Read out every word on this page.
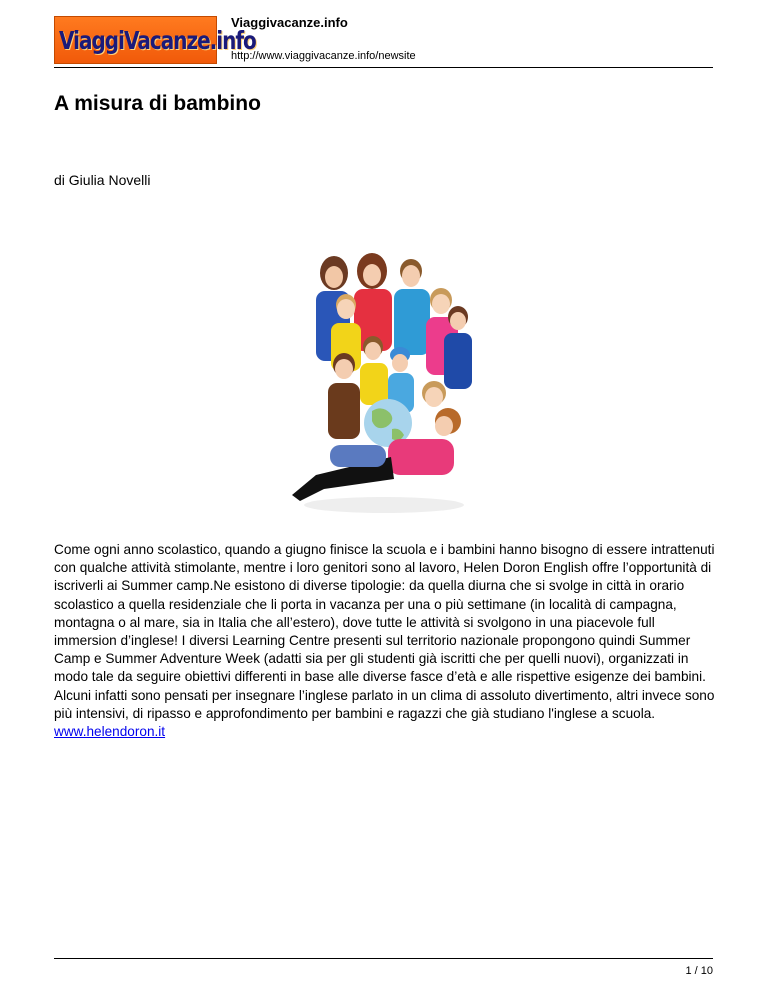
ViaggiVacanze.info
Viaggivacanze.info
http://www.viaggivacanze.info/newsite
A misura di bambino
di Giulia Novelli

Come ogni anno scolastico, quando a giugno finisce la scuola e i bambini hanno bisogno di essere intrattenuti con qualche attività stimolante, mentre i loro genitori sono al lavoro, Helen Doron English offre l’opportunità di iscriverli ai Summer camp.Ne esistono di diverse tipologie: da quella diurna che si svolge in città in orario scolastico a quella residenziale che li porta in vacanza per una o più settimane (in località di campagna, montagna o al mare, sia in Italia che all’estero), dove tutte le attività si svolgono in una piacevole full immersion d’inglese! I diversi Learning Centre presenti sul territorio nazionale propongono quindi Summer Camp e Summer Adventure Week (adatti sia per gli studenti già iscritti che per quelli nuovi), organizzati in modo tale da seguire obiettivi differenti in base alle diverse fasce d’età e alle rispettive esigenze dei bambini. Alcuni infatti sono pensati per insegnare l’inglese parlato in un clima di assoluto divertimento, altri invece sono più intensivi, di ripasso e approfondimento per bambini e ragazzi che già studiano l'inglese a scuola. www.helendoron.it

1 / 10
